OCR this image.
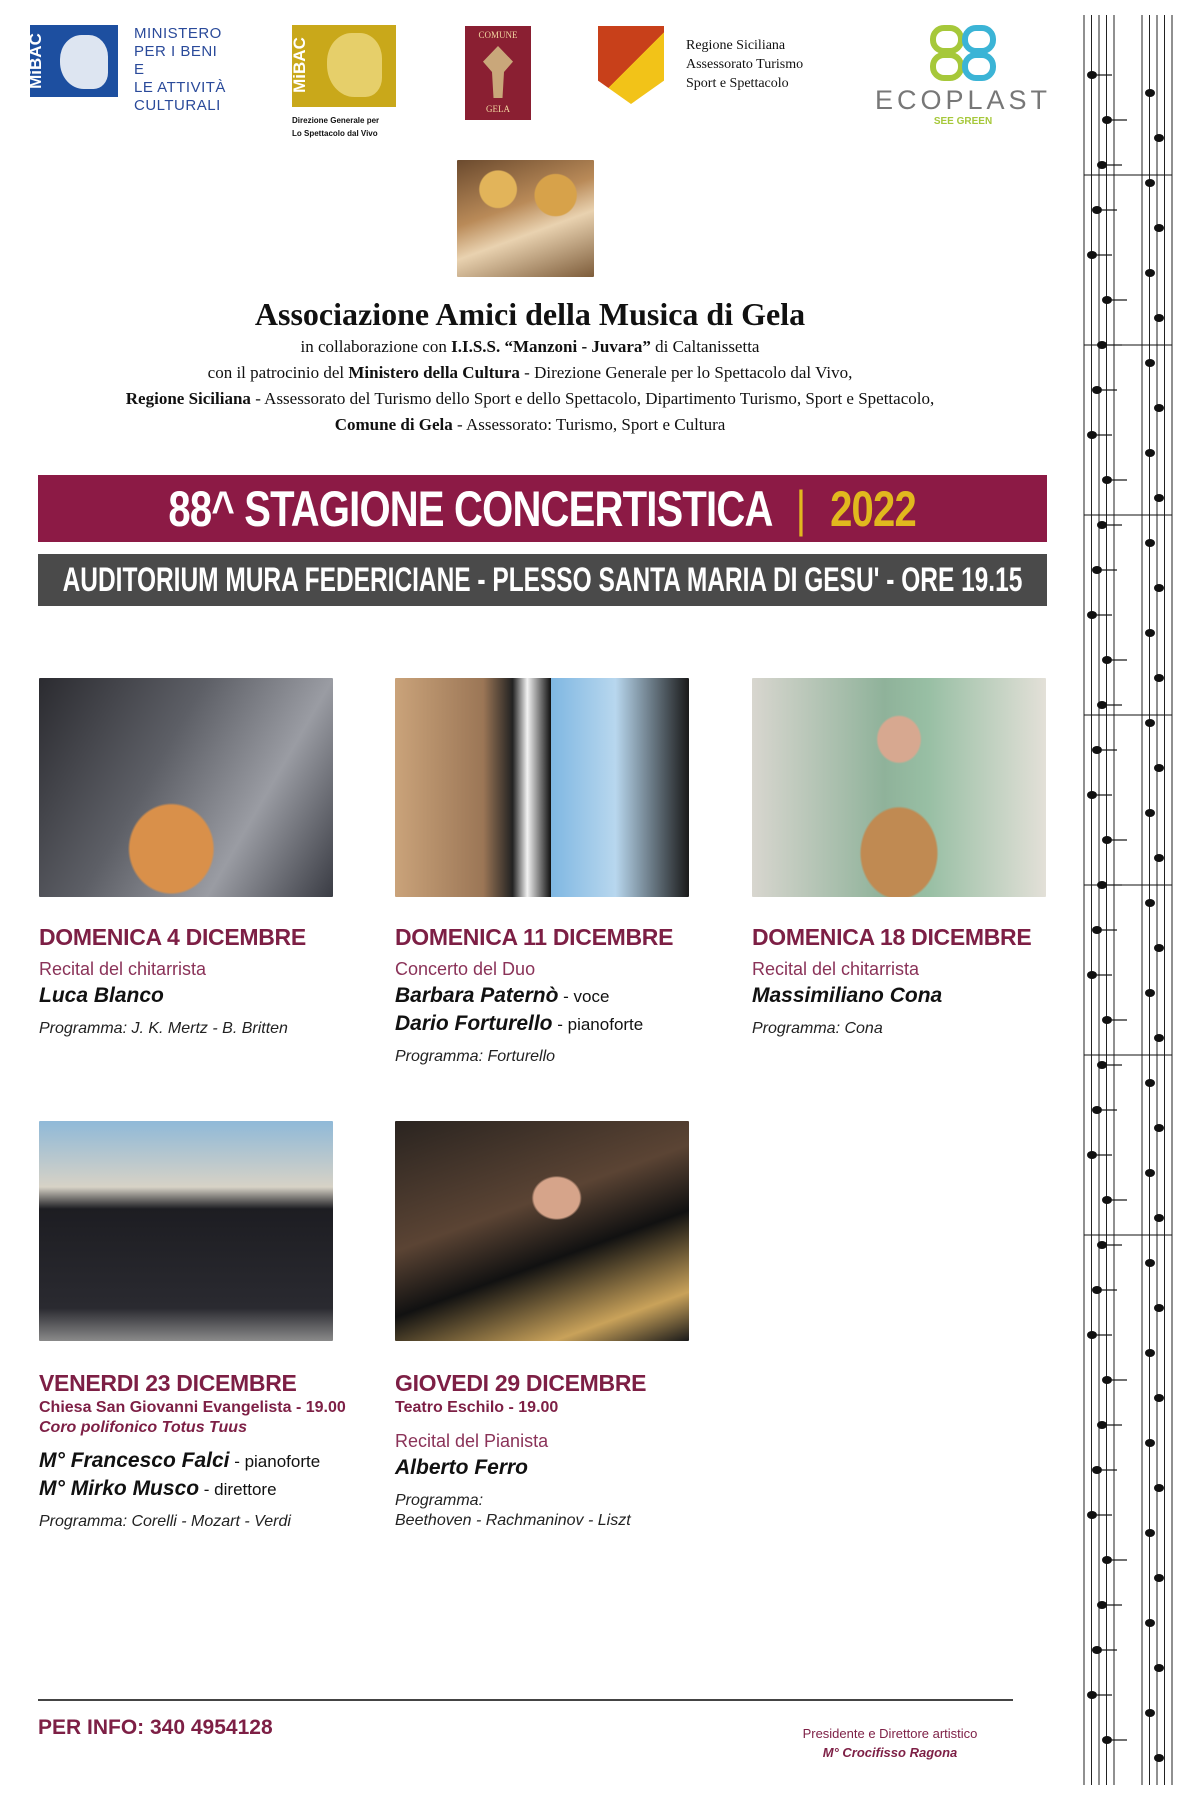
MiBAC	MINISTERO
PER I BENI E
LE ATTIVITÀ
CULTURALI
MiBAC
Direzione Generale per
Lo Spettacolo dal Vivo
COMUNE
GELA
Regione Siciliana
Assessorato Turismo
Sport e Spettacolo
ECOPLAST
SEE GREEN
Associazione Amici della Musica di Gela
in collaborazione con I.I.S.S. “Manzoni - Juvara” di Caltanissetta
con il patrocinio del Ministero della Cultura - Direzione Generale per lo Spettacolo dal Vivo,
Regione Siciliana - Assessorato del Turismo dello Sport e dello Spettacolo, Dipartimento Turismo, Sport e Spettacolo,
Comune di Gela - Assessorato: Turismo, Sport e Cultura
88^ STAGIONE CONCERTISTICA | 2022
AUDITORIUM MURA FEDERICIANE - PLESSO SANTA MARIA DI GESU' - ORE 19.15
DOMENICA 4 DICEMBRE
Recital del chitarrista
Luca Blanco
Programma: J. K. Mertz - B. Britten
DOMENICA 11 DICEMBRE
Concerto del Duo
Barbara Paternò - voce
Dario Forturello - pianoforte
Programma: Forturello
DOMENICA 18 DICEMBRE
Recital del chitarrista
Massimiliano Cona
Programma: Cona
VENERDI 23 DICEMBRE
Chiesa San Giovanni Evangelista - 19.00
Coro polifonico Totus Tuus
M° Francesco Falci - pianoforte
M° Mirko Musco - direttore
Programma: Corelli - Mozart - Verdi
GIOVEDI 29 DICEMBRE
Teatro Eschilo - 19.00
Recital del Pianista
Alberto Ferro
Programma:
Beethoven - Rachmaninov - Liszt
PER INFO: 340 4954128	Presidente e Direttore artistico
M° Crocifisso Ragona
